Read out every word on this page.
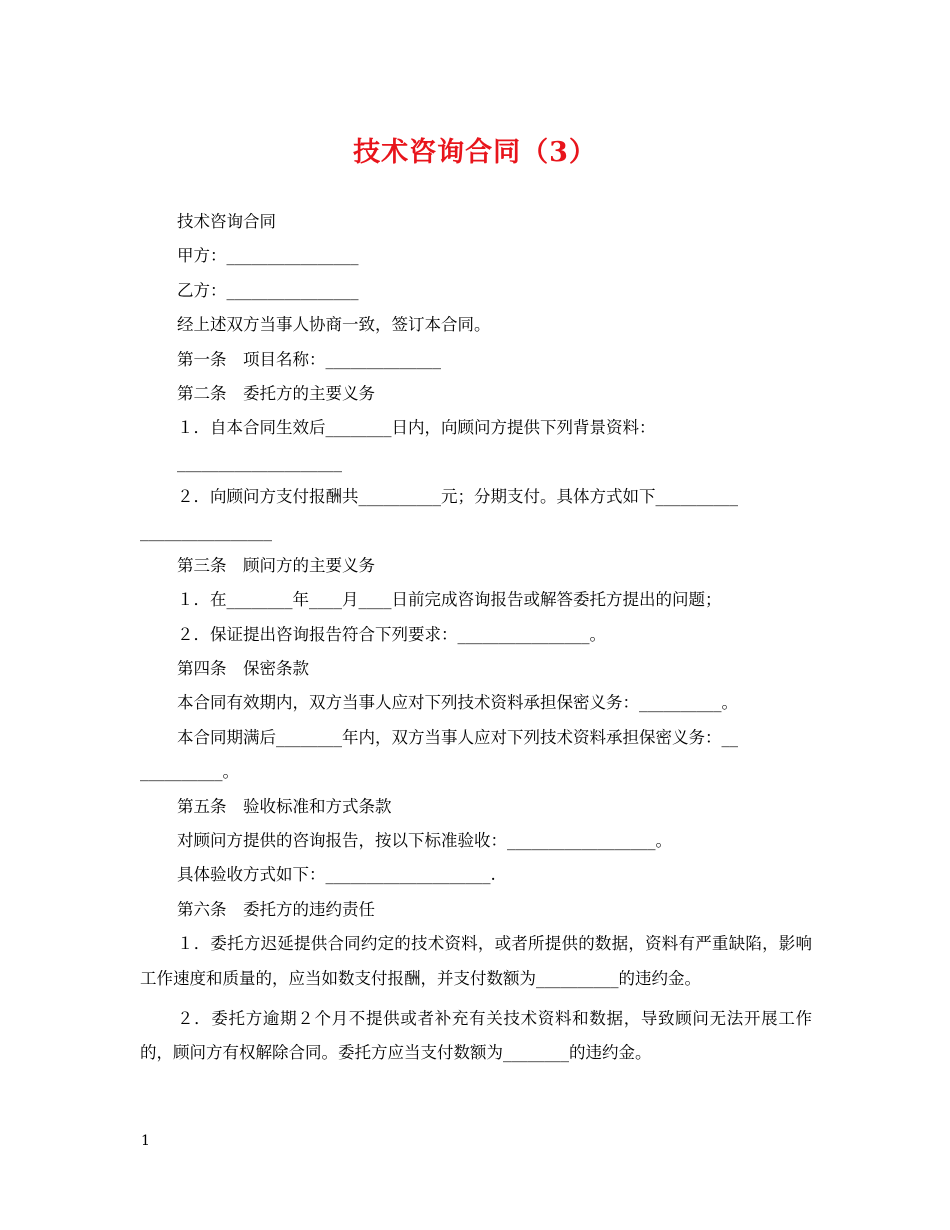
技术咨询合同（3）
技术咨询合同
甲方：________________
乙方：________________
经上述双方当事人协商一致，签订本合同。
第一条　项目名称：______________
第二条　委托方的主要义务
１．自本合同生效后________日内，向顾问方提供下列背景资料：
____________________
２．向顾问方支付报酬共__________元；分期支付。具体方式如下__________
________________
第三条　顾问方的主要义务
１．在________年____月____日前完成咨询报告或解答委托方提出的问题；
２．保证提出咨询报告符合下列要求：________________。
第四条　保密条款
本合同有效期内，双方当事人应对下列技术资料承担保密义务：__________。
本合同期满后________年内，双方当事人应对下列技术资料承担保密义务：__
__________。
第五条　验收标准和方式条款
对顾问方提供的咨询报告，按以下标准验收：__________________。
具体验收方式如下：____________________.
第六条　委托方的违约责任
１．委托方迟延提供合同约定的技术资料，或者所提供的数据，资料有严重缺陷，影响工作速度和质量的，应当如数支付报酬，并支付数额为__________的违约金。
２．委托方逾期２个月不提供或者补充有关技术资料和数据，导致顾问无法开展工作的，顾问方有权解除合同。委托方应当支付数额为________的违约金。
1
